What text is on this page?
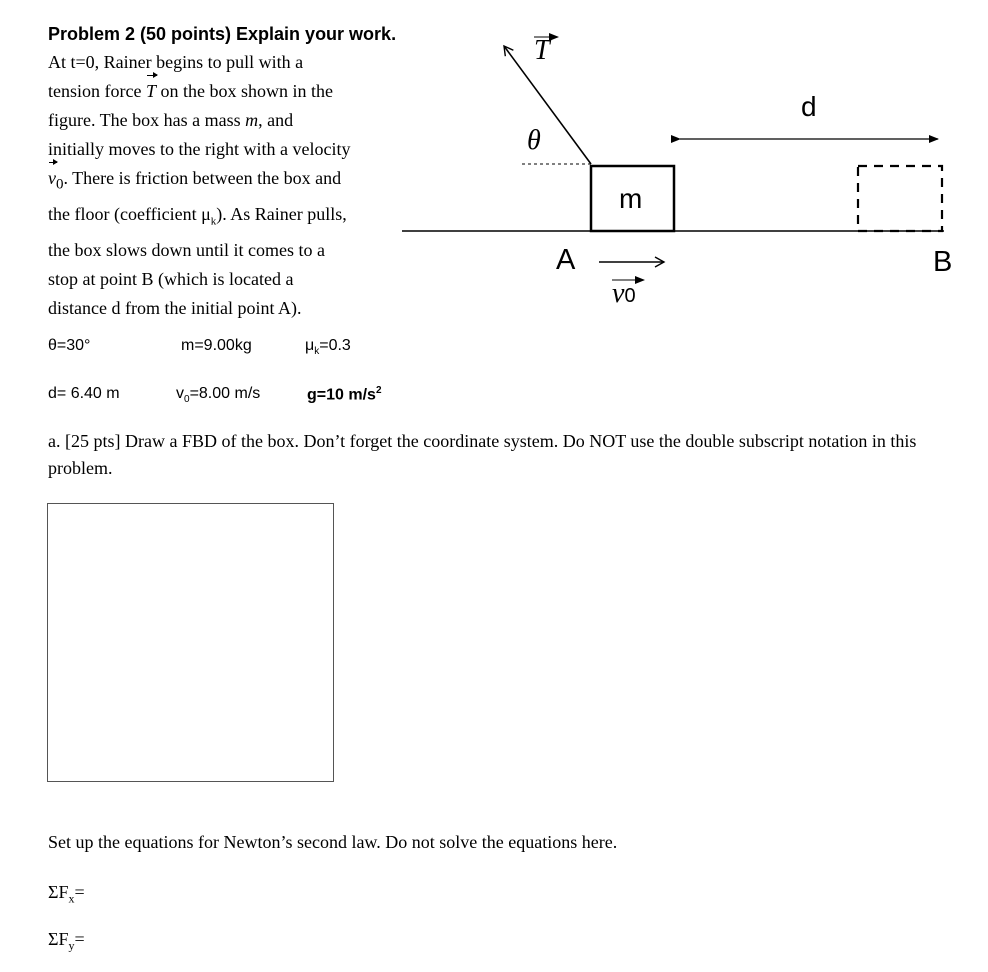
Problem 2 (50 points) Explain your work.

At t=0, Rainer begins to pull with a

tension force T on the box shown in the

figure. The box has a mass m, and

initially moves to the right with a velocity

$v_0$. There is friction between the box and

the floor (coefficient $\mu_k$). As Rainer pulls,

the box slows down until it comes to a

stop at point B (which is located a

distance d from the initial point A).

T
θ
m
d
A	B
v0
θ=30°	m=9.00kg	$\mu_k=0.3$
d= 6.40 m	$v_0=8.00$ m/s	g=10 $m/s^2$
a. [25 pts] Draw a FBD of the box. Don’t forget the coordinate system. Do NOT use the double subscript notation in this problem.
Set up the equations for Newton’s second law. Do not solve the equations here.
$\Sigma F_x=$
$\Sigma F_y=$
